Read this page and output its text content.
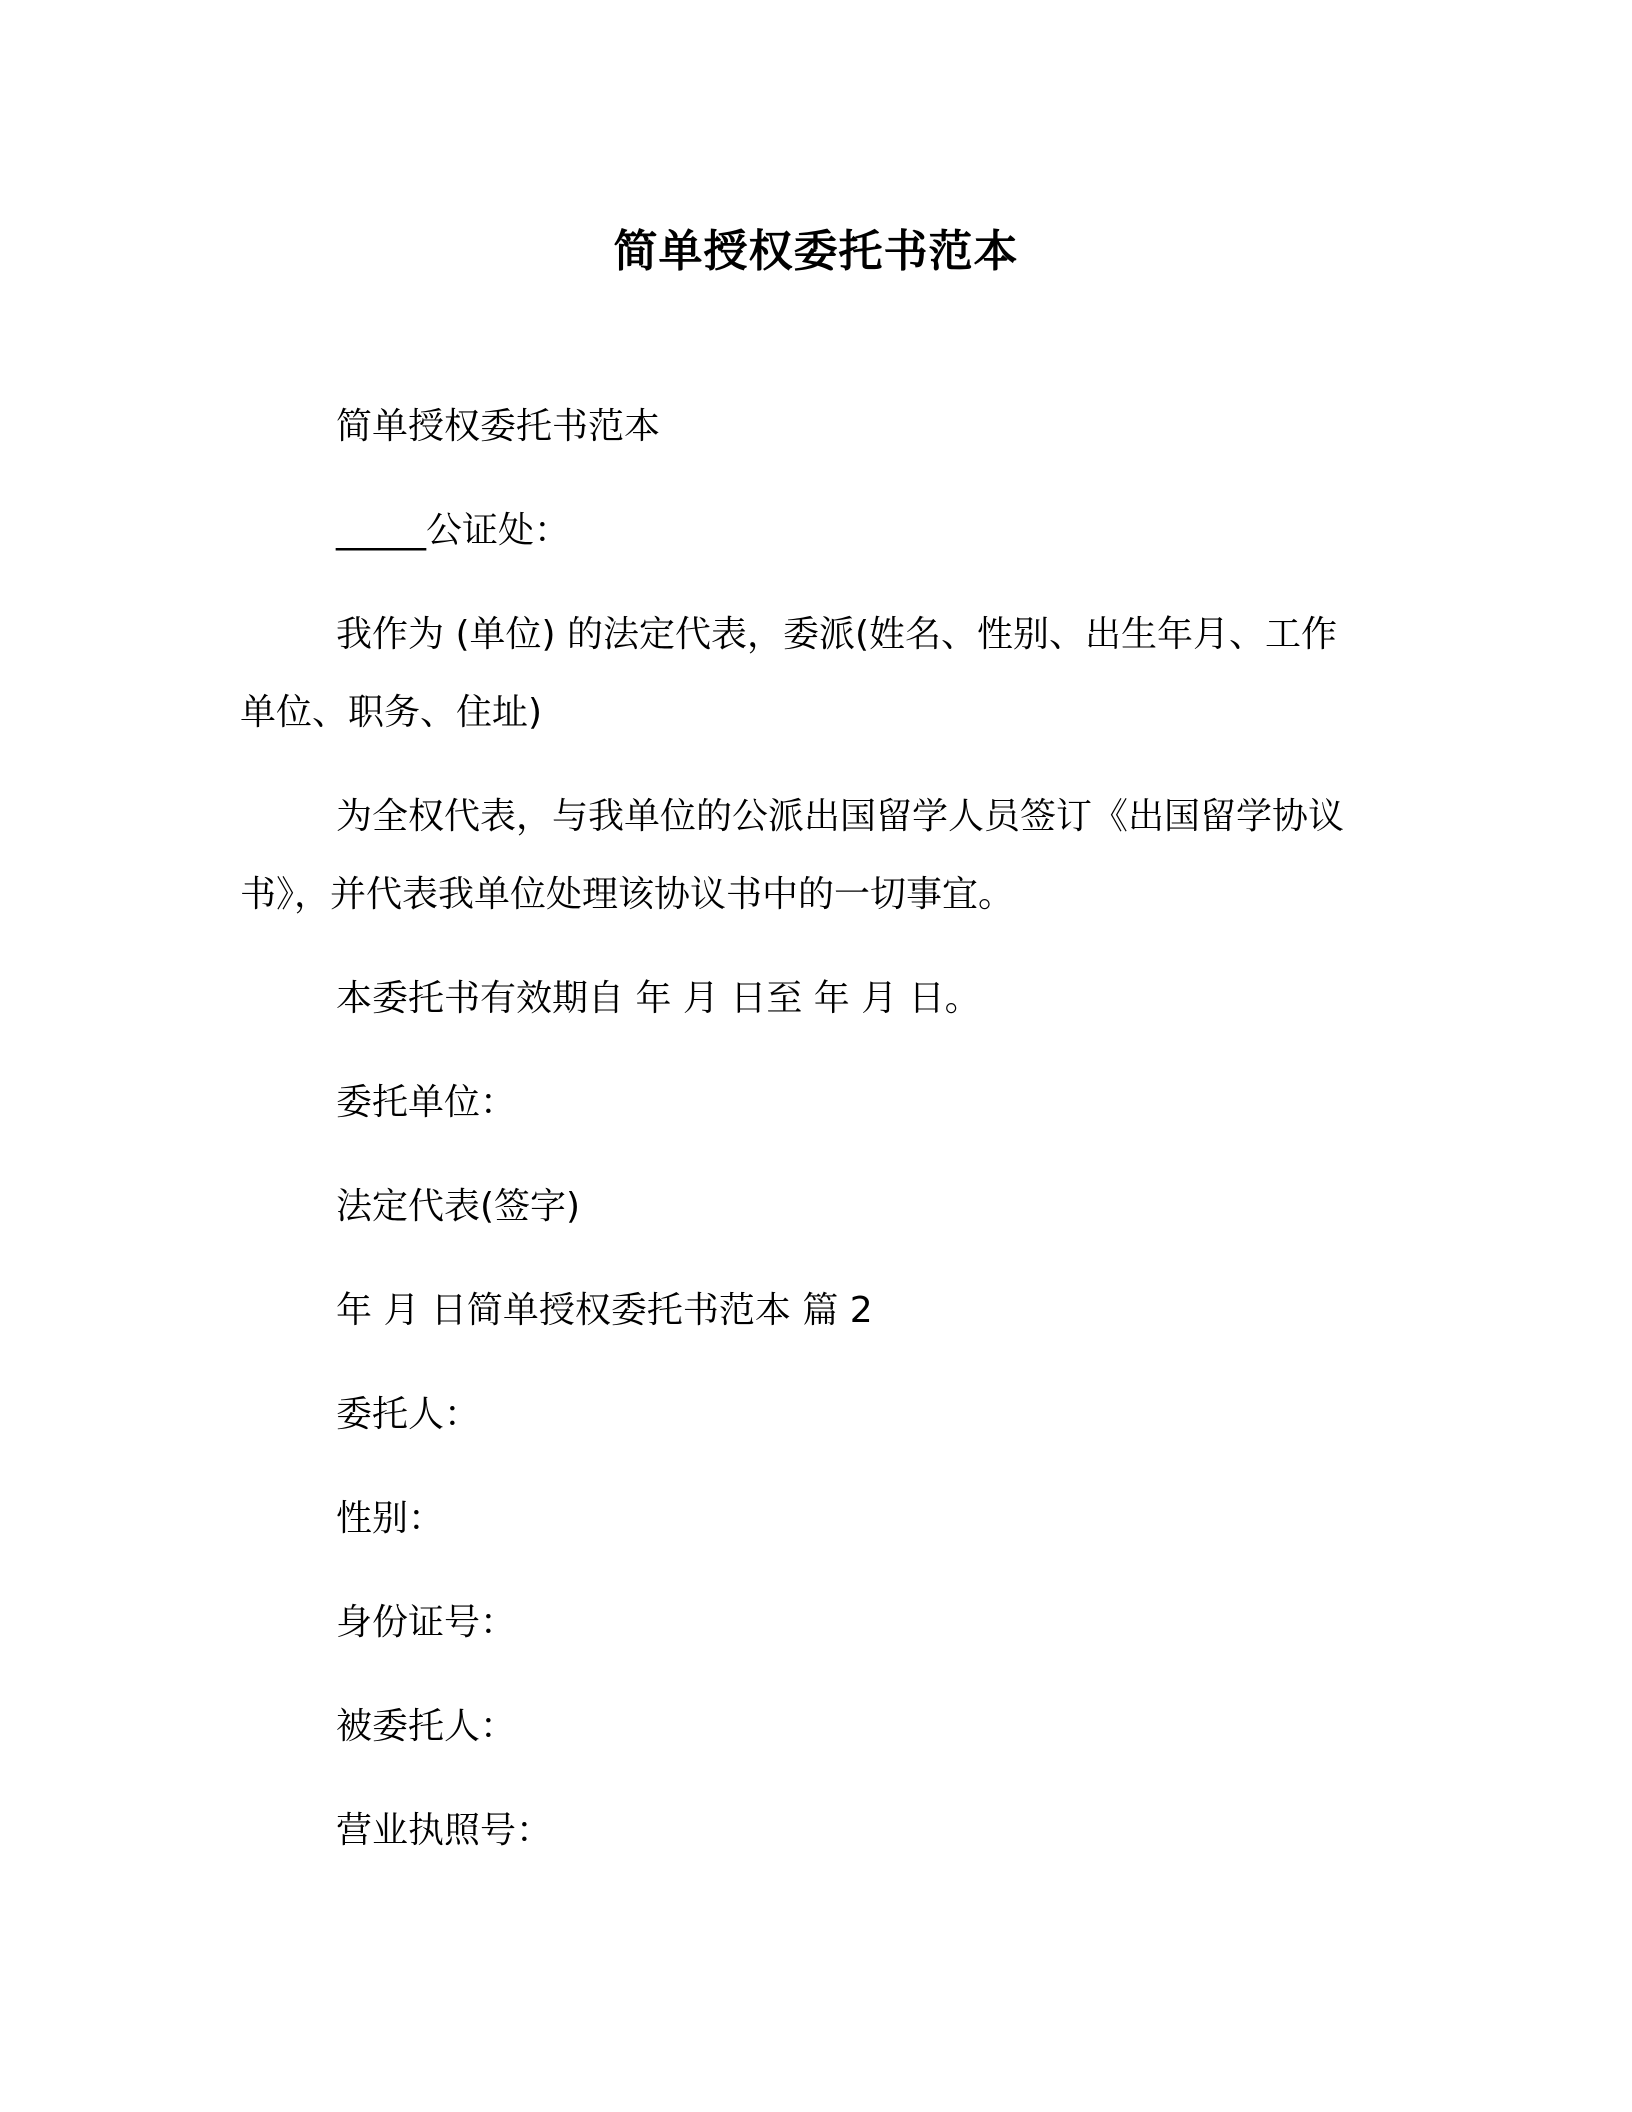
简单授权委托书范本

简单授权委托书范本

_____公证处：

我作为 (单位) 的法定代表，委派(姓名、性别、出生年月、工作单位、职务、住址)

为全权代表，与我单位的公派出国留学人员签订《出国留学协议书》，并代表我单位处理该协议书中的一切事宜。

本委托书有效期自 年 月 日至 年 月 日。

委托单位：

法定代表(签字)

年 月 日简单授权委托书范本 篇 2

委托人：

性别：

身份证号：

被委托人：

营业执照号：
